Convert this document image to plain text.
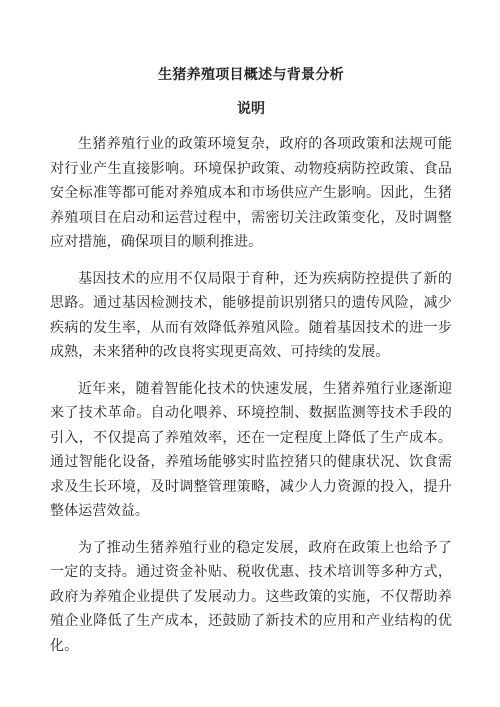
生猪养殖项目概述与背景分析
说明

生猪养殖行业的政策环境复杂，政府的各项政策和法规可能对行业产生直接影响。环境保护政策、动物疫病防控政策、食品安全标准等都可能对养殖成本和市场供应产生影响。因此，生猪养殖项目在启动和运营过程中，需密切关注政策变化，及时调整应对措施，确保项目的顺利推进。

基因技术的应用不仅局限于育种，还为疾病防控提供了新的思路。通过基因检测技术，能够提前识别猪只的遗传风险，减少疾病的发生率，从而有效降低养殖风险。随着基因技术的进一步成熟，未来猪种的改良将实现更高效、可持续的发展。

近年来，随着智能化技术的快速发展，生猪养殖行业逐渐迎来了技术革命。自动化喂养、环境控制、数据监测等技术手段的引入，不仅提高了养殖效率，还在一定程度上降低了生产成本。通过智能化设备，养殖场能够实时监控猪只的健康状况、饮食需求及生长环境，及时调整管理策略，减少人力资源的投入，提升整体运营效益。

为了推动生猪养殖行业的稳定发展，政府在政策上也给予了一定的支持。通过资金补贴、税收优惠、技术培训等多种方式，政府为养殖企业提供了发展动力。这些政策的实施，不仅帮助养殖企业降低了生产成本，还鼓励了新技术的应用和产业结构的优化。
